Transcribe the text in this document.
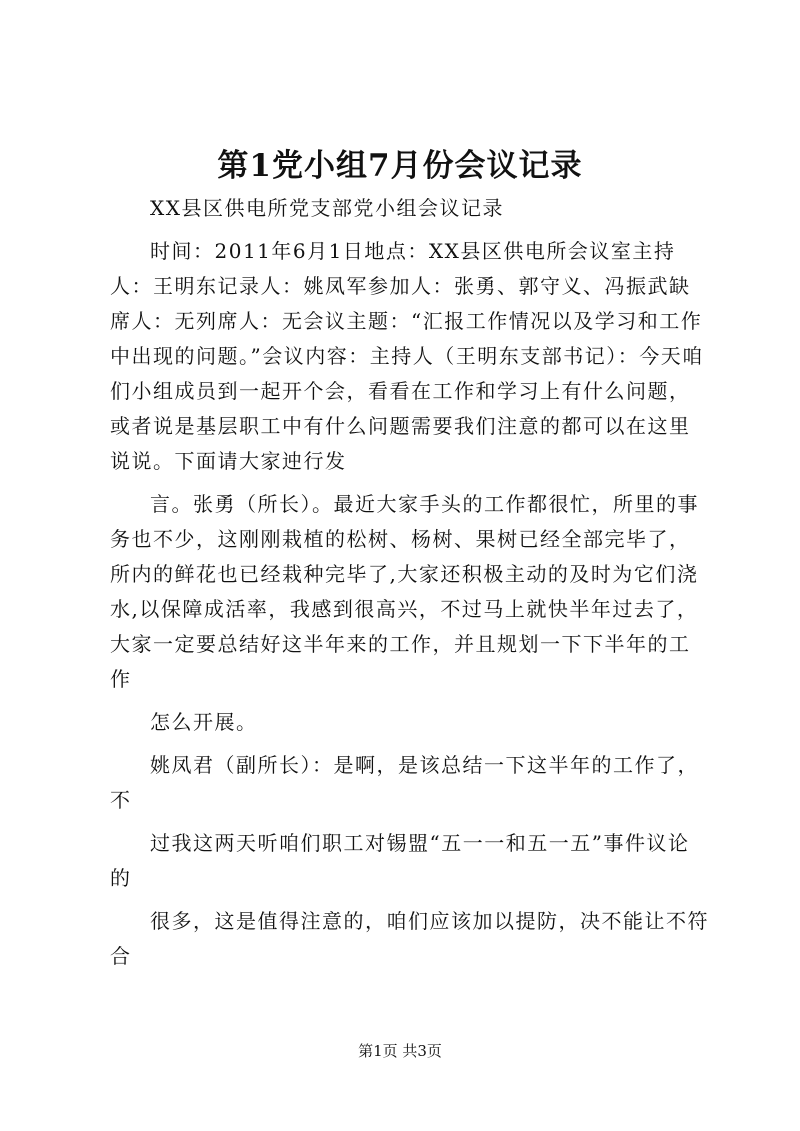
第1党小组7月份会议记录

XX县区供电所党支部党小组会议记录

时间：2011年6月1日地点：XX县区供电所会议室主持人：王明东记录人：姚凤军参加人：张勇、郭守义、冯振武缺席人：无列席人：无会议主题：“汇报工作情况以及学习和工作中出现的问题。”会议内容：主持人（王明东支部书记）：今天咱们小组成员到一起开个会，看看在工作和学习上有什么问题，或者说是基层职工中有什么问题需要我们注意的都可以在这里说说。下面请大家迚行发

言。张勇（所长）。最近大家手头的工作都很忙，所里的事务也不少，这刚刚栽植的松树、杨树、果树已经全部完毕了，所内的鲜花也已经栽种完毕了,大家还积极主动的及时为它们浇水,以保障成活率，我感到很高兴，不过马上就快半年过去了，大家一定要总结好这半年来的工作，并且规划一下下半年的工作

怎么开展。

姚凤君（副所长）：是啊，是该总结一下这半年的工作了，不

过我这两天听咱们职工对锡盟“五一一和五一五”事件议论的

很多，这是值得注意的，咱们应该加以提防，决不能让不符合

第1页 共3页
